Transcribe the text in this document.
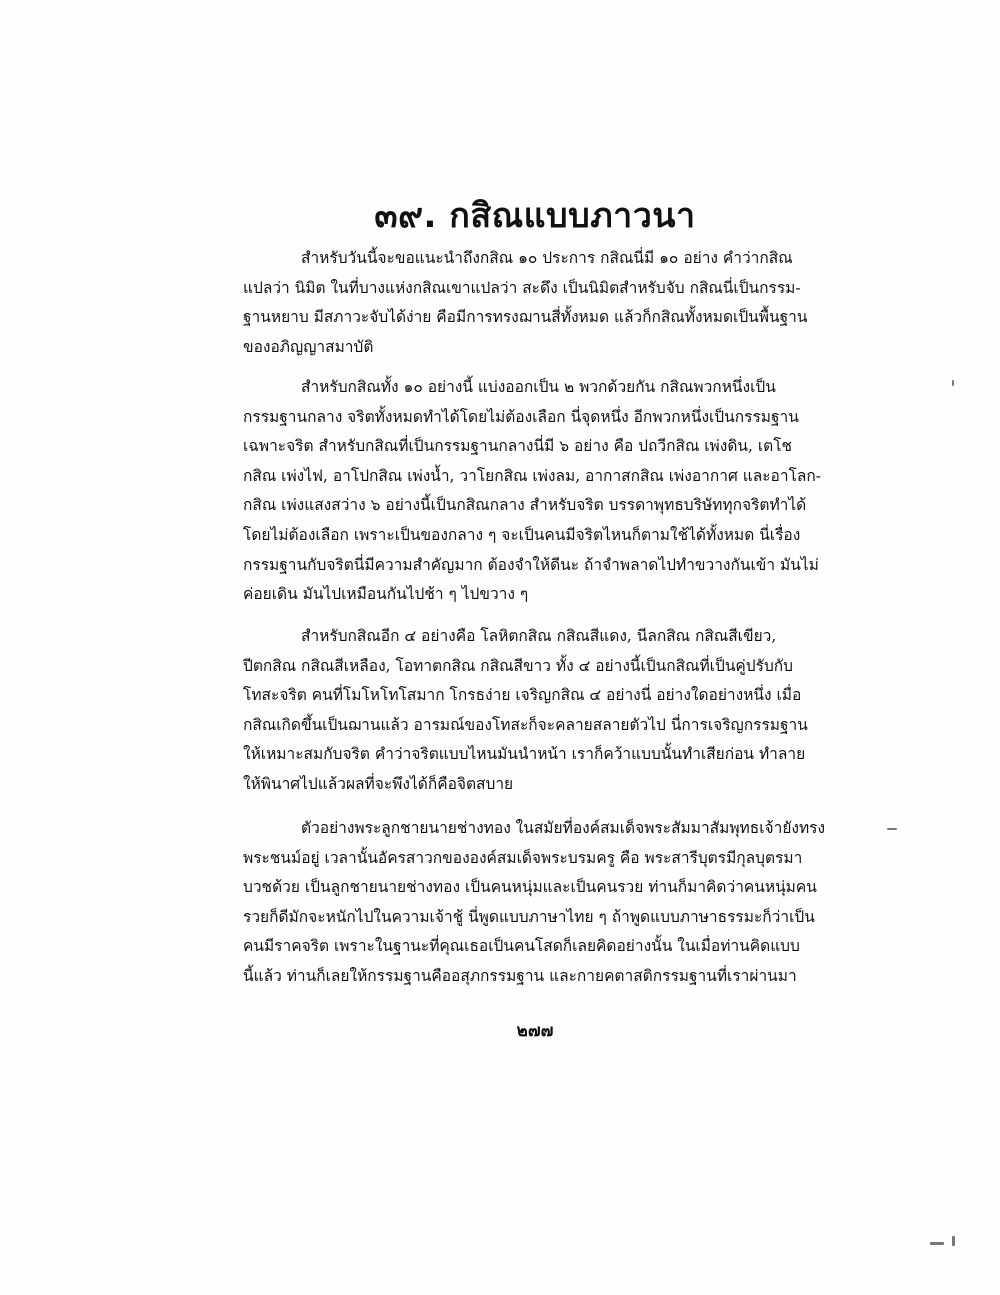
๓๙. กสิณแบบภาวนา
สำหรับวันนี้จะขอแนะนำถึงกสิณ ๑๐ ประการ กสิณนี่มี ๑๐ อย่าง คำว่ากสิณ
แปลว่า นิมิต ในที่บางแห่งกสิณเขาแปลว่า สะดึง เป็นนิมิตสำหรับจับ กสิณนี่เป็นกรรม-
ฐานหยาบ มีสภาวะจับได้ง่าย คือมีการทรงฌานสี่ทั้งหมด แล้วก็กสิณทั้งหมดเป็นพื้นฐาน
ของอภิญญาสมาบัติ
สำหรับกสิณทั้ง ๑๐ อย่างนี้ แบ่งออกเป็น ๒ พวกด้วยกัน กสิณพวกหนึ่งเป็น
กรรมฐานกลาง จริตทั้งหมดทำได้โดยไม่ต้องเลือก นี่จุดหนึ่ง อีกพวกหนึ่งเป็นกรรมฐาน
เฉพาะจริต สำหรับกสิณที่เป็นกรรมฐานกลางนี่มี ๖ อย่าง คือ ปถวีกสิณ เพ่งดิน, เตโช
กสิณ เพ่งไฟ, อาโปกสิณ เพ่งน้ำ, วาโยกสิณ เพ่งลม, อากาสกสิณ เพ่งอากาศ และอาโลก-
กสิณ เพ่งแสงสว่าง ๖ อย่างนี้เป็นกสิณกลาง สำหรับจริต บรรดาพุทธบริษัททุกจริตทำได้
โดยไม่ต้องเลือก เพราะเป็นของกลาง ๆ จะเป็นคนมีจริตไหนก็ตามใช้ได้ทั้งหมด นี่เรื่อง
กรรมฐานกับจริตนี่มีความสำคัญมาก ต้องจำให้ดีนะ ถ้าจำพลาดไปทำขวางกันเข้า มันไม่
ค่อยเดิน มันไปเหมือนกันไปช้า ๆ ไปขวาง ๆ
สำหรับกสิณอีก ๔ อย่างคือ โลหิตกสิณ กสิณสีแดง, นีลกสิณ กสิณสีเขียว,
ปีตกสิณ กสิณสีเหลือง, โอทาตกสิณ กสิณสีขาว ทั้ง ๔ อย่างนี้เป็นกสิณที่เป็นคู่ปรับกับ
โทสะจริต คนที่โมโหโทโสมาก โกรธง่าย เจริญกสิณ ๔ อย่างนี่ อย่างใดอย่างหนึ่ง เมื่อ
กสิณเกิดขึ้นเป็นฌานแล้ว อารมณ์ของโทสะก็จะคลายสลายตัวไป นี่การเจริญกรรมฐาน
ให้เหมาะสมกับจริต คำว่าจริตแบบไหนมันนำหน้า เราก็คว้าแบบนั้นทำเสียก่อน ทำลาย
ให้พินาศไปแล้วผลที่จะพึงได้ก็คือจิตสบาย
ตัวอย่างพระลูกชายนายช่างทอง ในสมัยที่องค์สมเด็จพระสัมมาสัมพุทธเจ้ายังทรง
พระชนม์อยู่ เวลานั้นอัครสาวกขององค์สมเด็จพระบรมครู คือ พระสารีบุตรมีกุลบุตรมา
บวชด้วย เป็นลูกชายนายช่างทอง เป็นคนหนุ่มและเป็นคนรวย ท่านก็มาคิดว่าคนหนุ่มคน
รวยก็ดีมักจะหนักไปในความเจ้าชู้ นี่พูดแบบภาษาไทย ๆ ถ้าพูดแบบภาษาธรรมะก็ว่าเป็น
คนมีราคจริต เพราะในฐานะที่คุณเธอเป็นคนโสดก็เลยคิดอย่างนั้น ในเมื่อท่านคิดแบบ
นี้แล้ว ท่านก็เลยให้กรรมฐานคืออสุภกรรมฐาน และกายคตาสติกรรมฐานที่เราผ่านมา
๒๗๗
